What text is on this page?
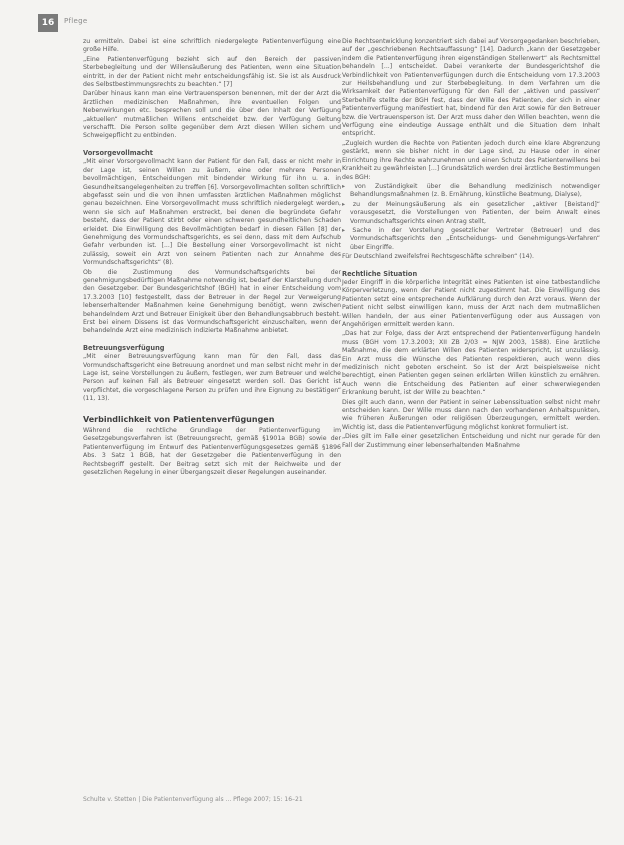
16	Pflege

zu ermitteln. Dabei ist eine schriftlich niedergelegte Patientenverfügung eine große Hilfe.

„Eine Patientenverfügung bezieht sich auf den Bereich der passiven Sterbebegleitung und der Willensäußerung des Patienten, wenn eine Situation eintritt, in der der Patient nicht mehr entscheidungsfähig ist. Sie ist als Ausdruck des Selbstbestimmungsrechts zu beachten.“ [7]

Darüber hinaus kann man eine Vertrauensperson benennen, mit der der Arzt die ärztlichen medizinischen Maßnahmen, ihre eventuellen Folgen und Nebenwirkungen etc. besprechen soll und die über den Inhalt der Verfügung „aktuellen“ mutmaßlichen Willens entscheidet bzw. der Verfügung Geltung verschafft. Die Person sollte gegenüber dem Arzt diesen Willen sichern und Schweigepflicht zu entbinden.

Vorsorgevollmacht

„Mit einer Vorsorgevollmacht kann der Patient für den Fall, dass er nicht mehr in der Lage ist, seinen Willen zu äußern, eine oder mehrere Personen bevollmächtigen, Entscheidungen mit bindender Wirkung für ihn u. a. in Gesundheitsangelegenheiten zu treffen [6]. Vorsorgevollmachten sollten schriftlich abgefasst sein und die von ihnen umfassten ärztlichen Maßnahmen möglichst genau bezeichnen. Eine Vorsorgevollmacht muss schriftlich niedergelegt werden, wenn sie sich auf Maßnahmen erstreckt, bei denen die begründete Gefahr besteht, dass der Patient stirbt oder einen schweren gesundheitlichen Schaden erleidet. Die Einwilligung des Bevollmächtigten bedarf in diesen Fällen [8] der Genehmigung des Vormundschaftsgerichts, es sei denn, dass mit dem Aufschub Gefahr verbunden ist. [...] Die Bestellung einer Vorsorgevollmacht ist nicht zulässig, soweit ein Arzt von seinem Patienten nach zur Annahme des Vormundschaftsgerichts“ (8).

Ob die Zustimmung des Vormundschaftsgerichts bei der genehmigungsbedürftigen Maßnahme notwendig ist, bedarf der Klarstellung durch den Gesetzgeber. Der Bundesgerichtshof (BGH) hat in einer Entscheidung vom 17.3.2003 [10] festgestellt, dass der Betreuer in der Regel zur Verweigerung lebenserhaltender Maßnahmen keine Genehmigung benötigt, wenn zwischen behandelndem Arzt und Betreuer Einigkeit über den Behandlungsabbruch besteht. Erst bei einem Dissens ist das Vormundschaftsgericht einzuschalten, wenn der behandelnde Arzt eine medizinisch indizierte Maßnahme anbietet.

Betreuungsverfügung

„Mit einer Betreuungsverfügung kann man für den Fall, dass das Vormundschaftsgericht eine Betreuung anordnet und man selbst nicht mehr in der Lage ist, seine Vorstellungen zu äußern, festlegen, wer zum Betreuer und welche Person auf keinen Fall als Betreuer eingesetzt werden soll. Das Gericht ist verpflichtet, die vorgeschlagene Person zu prüfen und ihre Eignung zu bestätigen“ (11, 13).

Verbindlichkeit von Patientenverfügungen

Während die rechtliche Grundlage der Patientenverfügung im Gesetzgebungsverfahren ist (Betreuungsrecht, gemäß §1901a BGB) sowie der Patientenverfügung im Entwurf des Patientenverfügungsgesetzes gemäß §1896 Abs. 3 Satz 1 BGB, hat der Gesetzgeber die Patientenverfügung in den Rechtsbegriff gestellt. Der Beitrag setzt sich mit der Reichweite und der gesetzlichen Regelung in einer Übergangszeit dieser Regelungen auseinander.

Die Rechtsentwicklung konzentriert sich dabei auf Vorsorgegedanken beschrieben, auf der „geschriebenen Rechtsauffassung“ [14]. Dadurch „kann der Gesetzgeber indem die Patientenverfügung ihren eigenständigen Stellenwert“ als Rechtsmittel behandeln [...] entscheidet. Dabei verankerte der Bundesgerichtshof die Verbindlichkeit von Patientenverfügungen durch die Entscheidung vom 17.3.2003 zur Heilsbehandlung und zur Sterbebegleitung. In dem Verfahren um die Wirksamkeit der Patientenverfügung für den Fall der „aktiven und passiven“ Sterbehilfe stellte der BGH fest, dass der Wille des Patienten, der sich in einer Patientenverfügung manifestiert hat, bindend für den Arzt sowie für den Betreuer bzw. die Vertrauensperson ist. Der Arzt muss daher den Willen beachten, wenn die Verfügung eine eindeutige Aussage enthält und die Situation dem Inhalt entspricht.

„Zugleich wurden die Rechte von Patienten jedoch durch eine klare Abgrenzung gestärkt, wenn sie bisher nicht in der Lage sind, zu Hause oder in einer Einrichtung ihre Rechte wahrzunehmen und einen Schutz des Patientenwillens bei Krankheit zu gewährleisten [...] Grundsätzlich werden drei ärztliche Bestimmungen des BGH:

▸ von Zuständigkeit über die Behandlung medizinisch notwendiger Behandlungsmaßnahmen (z. B. Ernährung, künstliche Beatmung, Dialyse),

▸ zu der Meinungsäußerung als ein gesetzlicher „aktiver [Beistand]“ vorausgesetzt, die Vorstellungen von Patienten, der beim Anwalt eines Vormundschaftsgerichts einen Antrag stellt,

▸ Sache in der Vorstellung gesetzlicher Vertreter (Betreuer) und des Vormundschaftsgerichts den „Entscheidungs- und Genehmigungs-Verfahren“ über Eingriffe.

Für Deutschland zweifelsfrei Rechtsgeschäfte schreiben“ (14).

Rechtliche Situation

Jeder Eingriff in die körperliche Integrität eines Patienten ist eine tatbestandliche Körperverletzung, wenn der Patient nicht zugestimmt hat. Die Einwilligung des Patienten setzt eine entsprechende Aufklärung durch den Arzt voraus. Wenn der Patient nicht selbst einwilligen kann, muss der Arzt nach dem mutmaßlichen Willen handeln, der aus einer Patientenverfügung oder aus Aussagen von Angehörigen ermittelt werden kann.

„Das hat zur Folge, dass der Arzt entsprechend der Patientenverfügung handeln muss (BGH vom 17.3.2003; XII ZB 2/03 = NJW 2003, 1588). Eine ärztliche Maßnahme, die dem erklärten Willen des Patienten widerspricht, ist unzulässig. Ein Arzt muss die Wünsche des Patienten respektieren, auch wenn dies medizinisch nicht geboten erscheint. So ist der Arzt beispielsweise nicht berechtigt, einen Patienten gegen seinen erklärten Willen künstlich zu ernähren. Auch wenn die Entscheidung des Patienten auf einer schwerwiegenden Erkrankung beruht, ist der Wille zu beachten.“

Dies gilt auch dann, wenn der Patient in seiner Lebenssituation selbst nicht mehr entscheiden kann. Der Wille muss dann nach den vorhandenen Anhaltspunkten, wie früheren Äußerungen oder religiösen Überzeugungen, ermittelt werden. Wichtig ist, dass die Patientenverfügung möglichst konkret formuliert ist.

„Dies gilt im Falle einer gesetzlichen Entscheidung und nicht nur gerade für den Fall der Zustimmung einer lebenserhaltenden Maßnahme

Schulte v. Stetten | Die Patientenverfügung als ... Pflege 2007; 15: 16–21
